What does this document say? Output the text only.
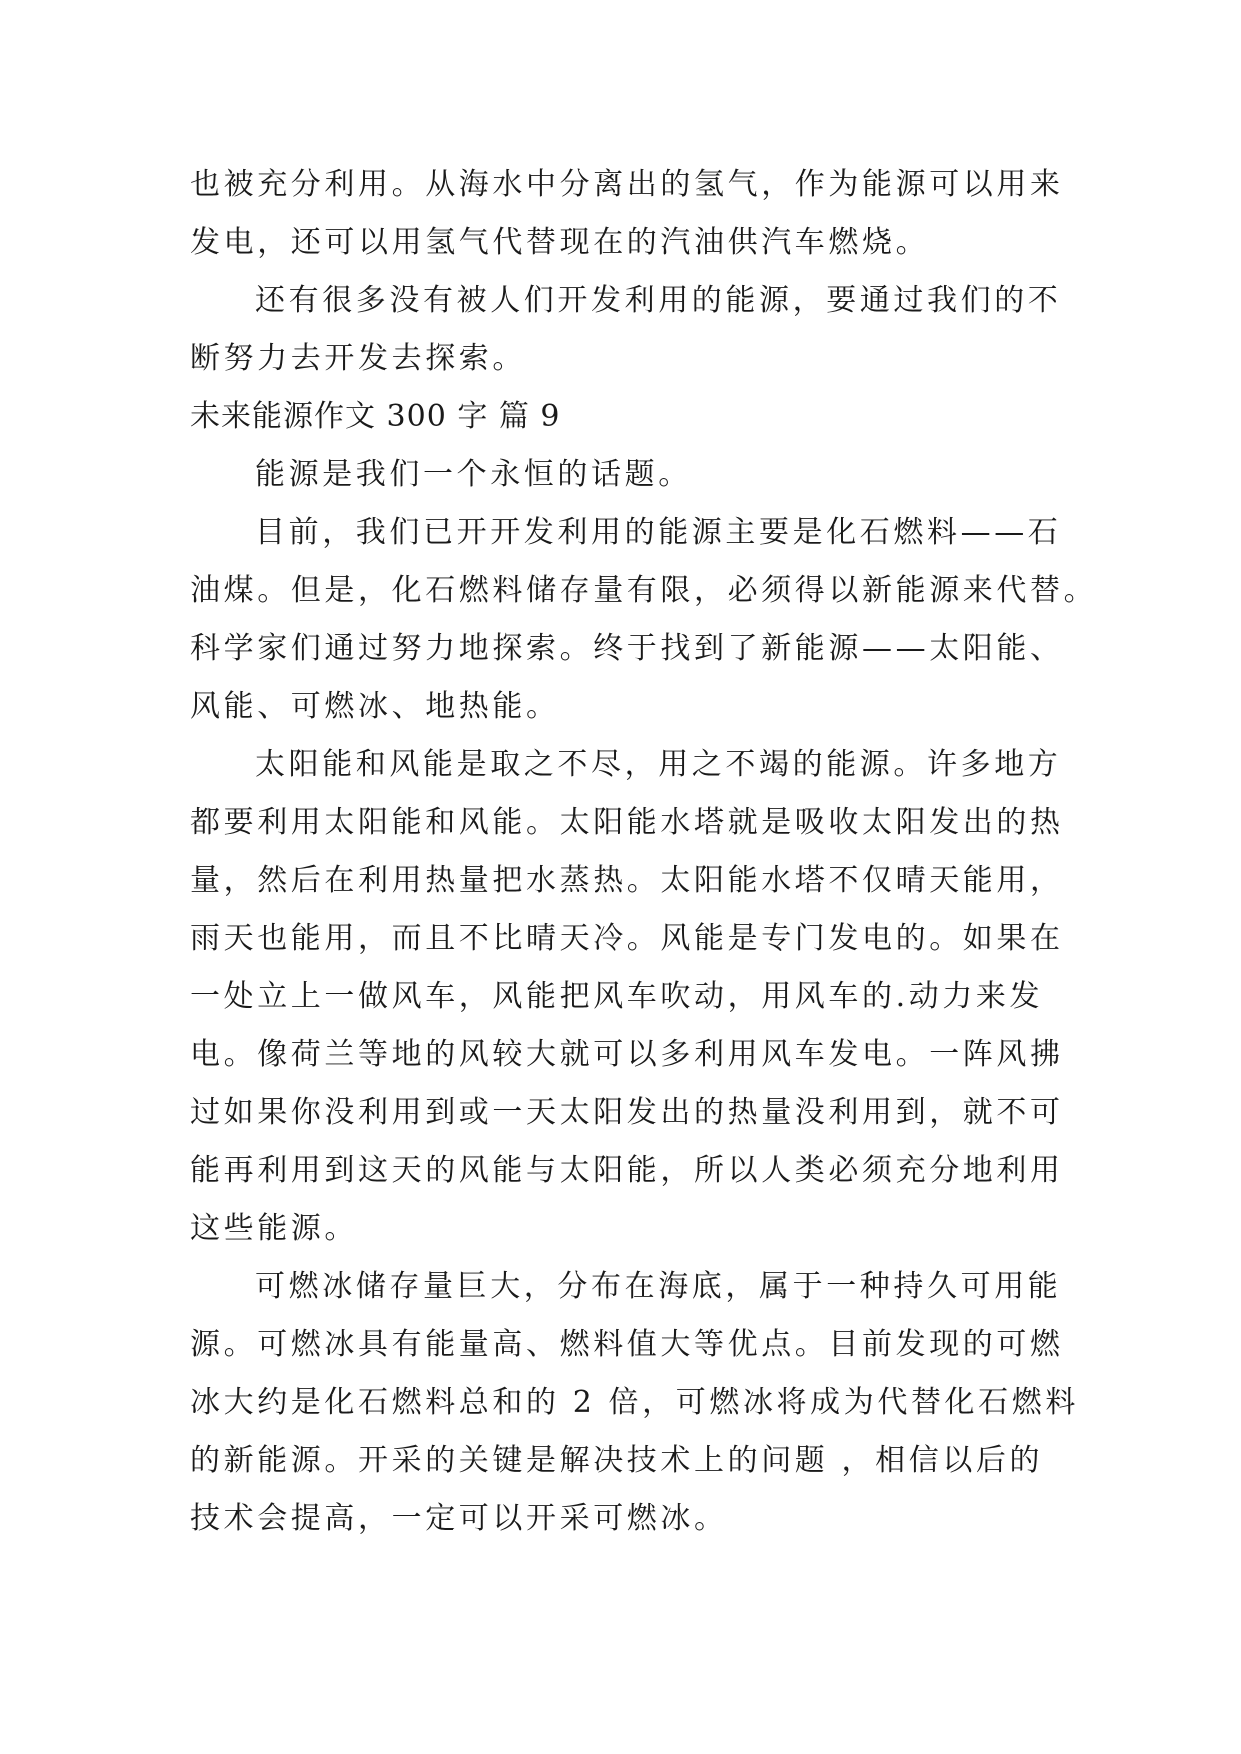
也被充分利用。从海水中分离出的氢气，作为能源可以用来

发电，还可以用氢气代替现在的汽油供汽车燃烧。

还有很多没有被人们开发利用的能源，要通过我们的不

断努力去开发去探索。

未来能源作文 300 字 篇 9

能源是我们一个永恒的话题。

目前，我们已开开发利用的能源主要是化石燃料——石

油煤。但是，化石燃料储存量有限，必须得以新能源来代替。

科学家们通过努力地探索。终于找到了新能源——太阳能、

风能、可燃冰、地热能。

太阳能和风能是取之不尽，用之不竭的能源。许多地方

都要利用太阳能和风能。太阳能水塔就是吸收太阳发出的热

量，然后在利用热量把水蒸热。太阳能水塔不仅晴天能用，

雨天也能用，而且不比晴天冷。风能是专门发电的。如果在

一处立上一做风车，风能把风车吹动，用风车的.动力来发

电。像荷兰等地的风较大就可以多利用风车发电。一阵风拂

过如果你没利用到或一天太阳发出的热量没利用到，就不可

能再利用到这天的风能与太阳能，所以人类必须充分地利用

这些能源。

可燃冰储存量巨大，分布在海底，属于一种持久可用能

源。可燃冰具有能量高、燃料值大等优点。目前发现的可燃

冰大约是化石燃料总和的 2 倍，可燃冰将成为代替化石燃料

的新能源。开采的关键是解决技术上的问题 ，相信以后的

技术会提高，一定可以开采可燃冰。
